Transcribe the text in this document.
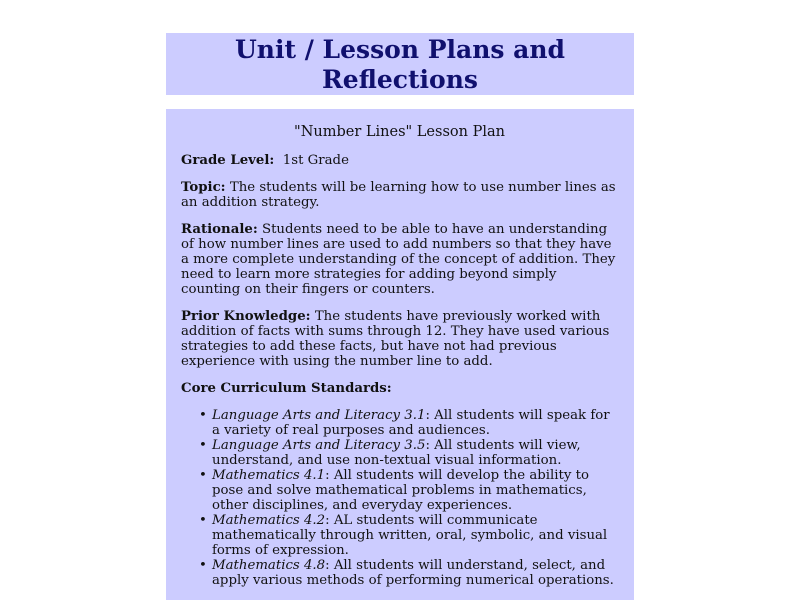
Unit / Lesson Plans and
Reflections
"Number Lines" Lesson Plan

Grade Level: 1st Grade

Topic: The students will be learning how to use number lines as an addition strategy.

Rationale: Students need to be able to have an understanding of how number lines are used to add numbers so that they have a more complete understanding of the concept of addition. They need to learn more strategies for adding beyond simply counting on their fingers or counters.

Prior Knowledge: The students have previously worked with addition of facts with sums through 12. They have used various strategies to add these facts, but have not had previous experience with using the number line to add.

Core Curriculum Standards:

• Language Arts and Literacy 3.1: All students will speak for a variety of real purposes and audiences.
• Language Arts and Literacy 3.5: All students will view, understand, and use non-textual visual information.
• Mathematics 4.1: All students will develop the ability to pose and solve mathematical problems in mathematics, other disciplines, and everyday experiences.
• Mathematics 4.2: AL students will communicate mathematically through written, oral, symbolic, and visual forms of expression.
• Mathematics 4.8: All students will understand, select, and apply various methods of performing numerical operations.
